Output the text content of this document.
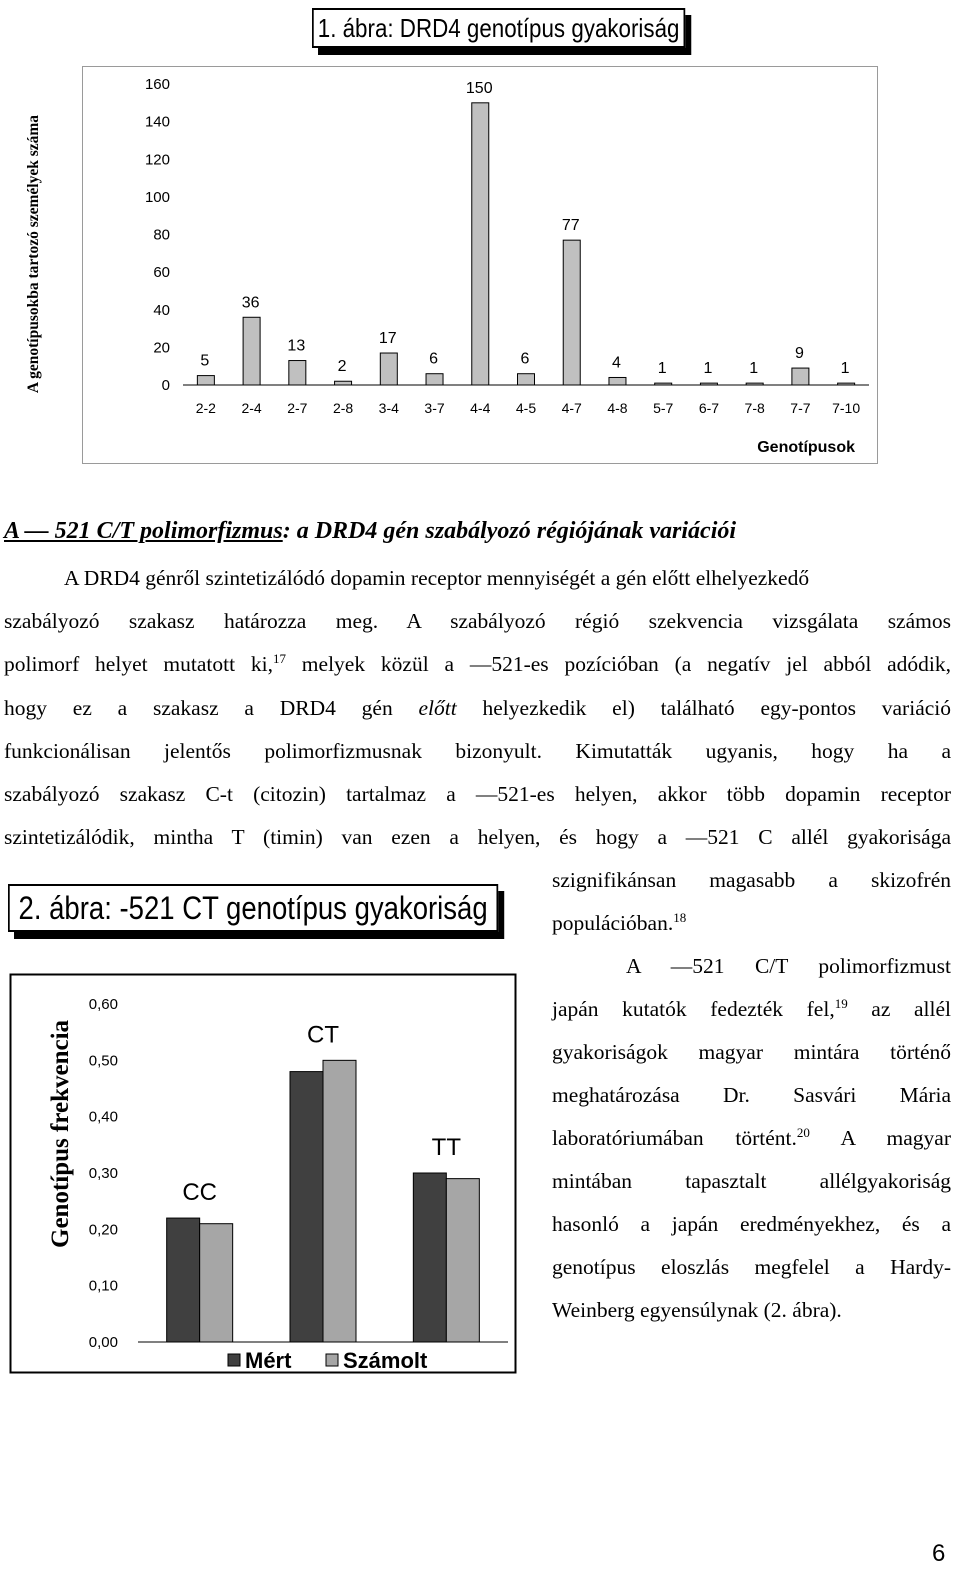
1. ábra: DRD4 genotípus gyakoriság
0
20
40
60
80
100
120
140
160
5
2-2
36
2-4
13
2-7
2
2-8
17
3-4
6
3-7
150
4-4
6
4-5
77
4-7
4
4-8
1
5-7
1
6-7
1
7-8
9
7-7
1
7-10
Genotípusok
A genotípusokba tartozó személyek száma
A — 521 C/T polimorfizmus: a DRD4 gén szabályozó régiójának variációi
A DRD4 génről szintetizálódó dopamin receptor mennyiségét a gén előtt elhelyezkedő
szabályozó szakasz határozza meg. A szabályozó régió szekvencia vizsgálata számos
polimorf helyet mutatott ki,$^{17}$ melyek közül a —521-es pozícióban (a negatív jel abból adódik,
hogy ez a szakasz a DRD4 gén előtt helyezkedik el) található egy-pontos variáció
funkcionálisan jelentős polimorfizmusnak bizonyult. Kimutatták ugyanis, hogy ha a
szabályozó szakasz C-t (citozin) tartalmaz a —521-es helyen, akkor több dopamin receptor
szintetizálódik, mintha T (timin) van ezen a helyen, és hogy a —521 C allél gyakorisága
szignifikánsan magasabb a skizofrén
populációban.$^{18}$
2. ábra: -521 CT genotípus gyakoriság
0,00
0,10
0,20
0,30
0,40
0,50
0,60
CC
CT
TT
Mért Számolt
Genotípus frekvencia
A —521 C/T polimorfizmust
japán kutatók fedezték fel,$^{19}$ az allél
gyakoriságok magyar mintára történő
meghatározása Dr. Sasvári Mária
laboratóriumában történt.$^{20}$ A magyar
mintában tapasztalt allélgyakoriság
hasonló a japán eredményekhez, és a
genotípus eloszlás megfelel a Hardy-
Weinberg egyensúlynak (2. ábra).
6
